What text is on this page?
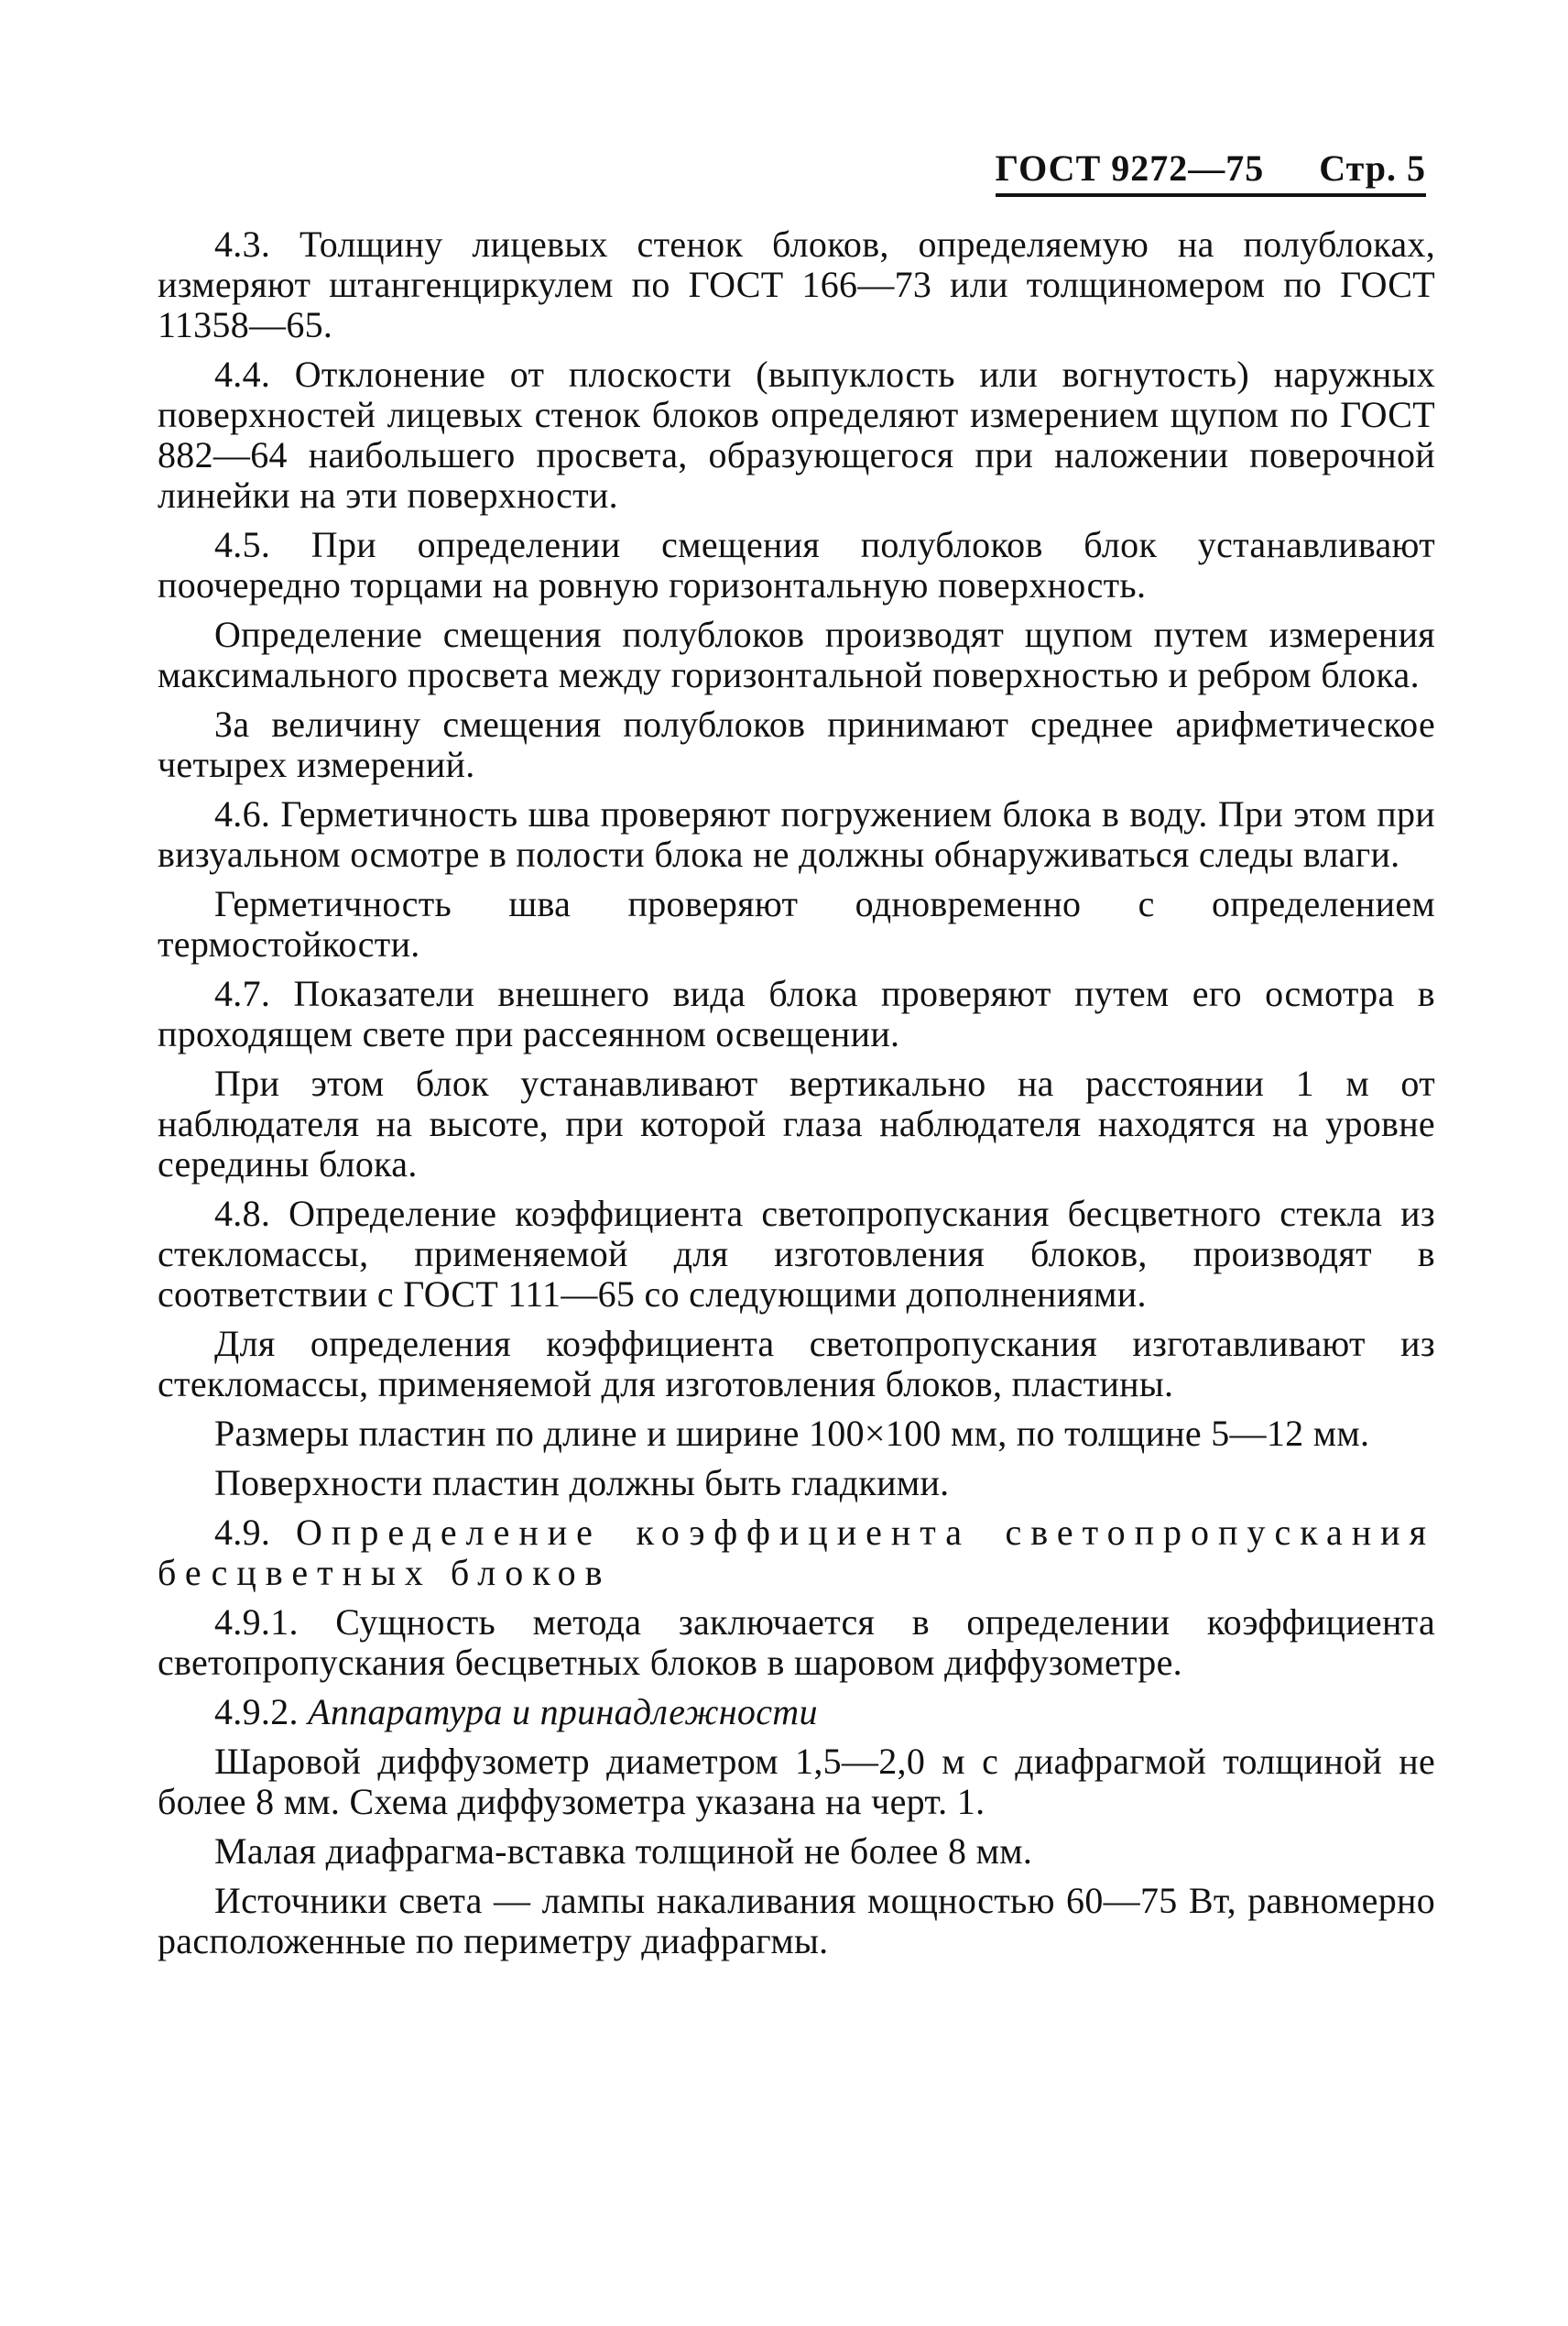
ГОСТ 9272—75 Стр. 5

4.3. Толщину лицевых стенок блоков, определяемую на полублоках, измеряют штангенциркулем по ГОСТ 166—73 или толщиномером по ГОСТ 11358—65.

4.4. Отклонение от плоскости (выпуклость или вогнутость) наружных поверхностей лицевых стенок блоков определяют измерением щупом по ГОСТ 882—64 наибольшего просвета, образующегося при наложении поверочной линейки на эти поверхности.

4.5. При определении смещения полублоков блок устанавливают поочередно торцами на ровную горизонтальную поверхность.

Определение смещения полублоков производят щупом путем измерения максимального просвета между горизонтальной поверхностью и ребром блока.

За величину смещения полублоков принимают среднее арифметическое четырех измерений.

4.6. Герметичность шва проверяют погружением блока в воду. При этом при визуальном осмотре в полости блока не должны обнаруживаться следы влаги.

Герметичность шва проверяют одновременно с определением термостойкости.

4.7. Показатели внешнего вида блока проверяют путем его осмотра в проходящем свете при рассеянном освещении.

При этом блок устанавливают вертикально на расстоянии 1 м от наблюдателя на высоте, при которой глаза наблюдателя находятся на уровне середины блока.

4.8. Определение коэффициента светопропускания бесцветного стекла из стекломассы, применяемой для изготовления блоков, производят в соответствии с ГОСТ 111—65 со следующими дополнениями.

Для определения коэффициента светопропускания изготавливают из стекломассы, применяемой для изготовления блоков, пластины.

Размеры пластин по длине и ширине 100×100 мм, по толщине 5—12 мм.

Поверхности пластин должны быть гладкими.

4.9. Определение коэффициента светопропускания бесцветных блоков

4.9.1. Сущность метода заключается в определении коэффициента светопропускания бесцветных блоков в шаровом диффузометре.

4.9.2. Аппаратура и принадлежности

Шаровой диффузометр диаметром 1,5—2,0 м с диафрагмой толщиной не более 8 мм. Схема диффузометра указана на черт. 1.

Малая диафрагма-вставка толщиной не более 8 мм.

Источники света — лампы накаливания мощностью 60—75 Вт, равномерно расположенные по периметру диафрагмы.
